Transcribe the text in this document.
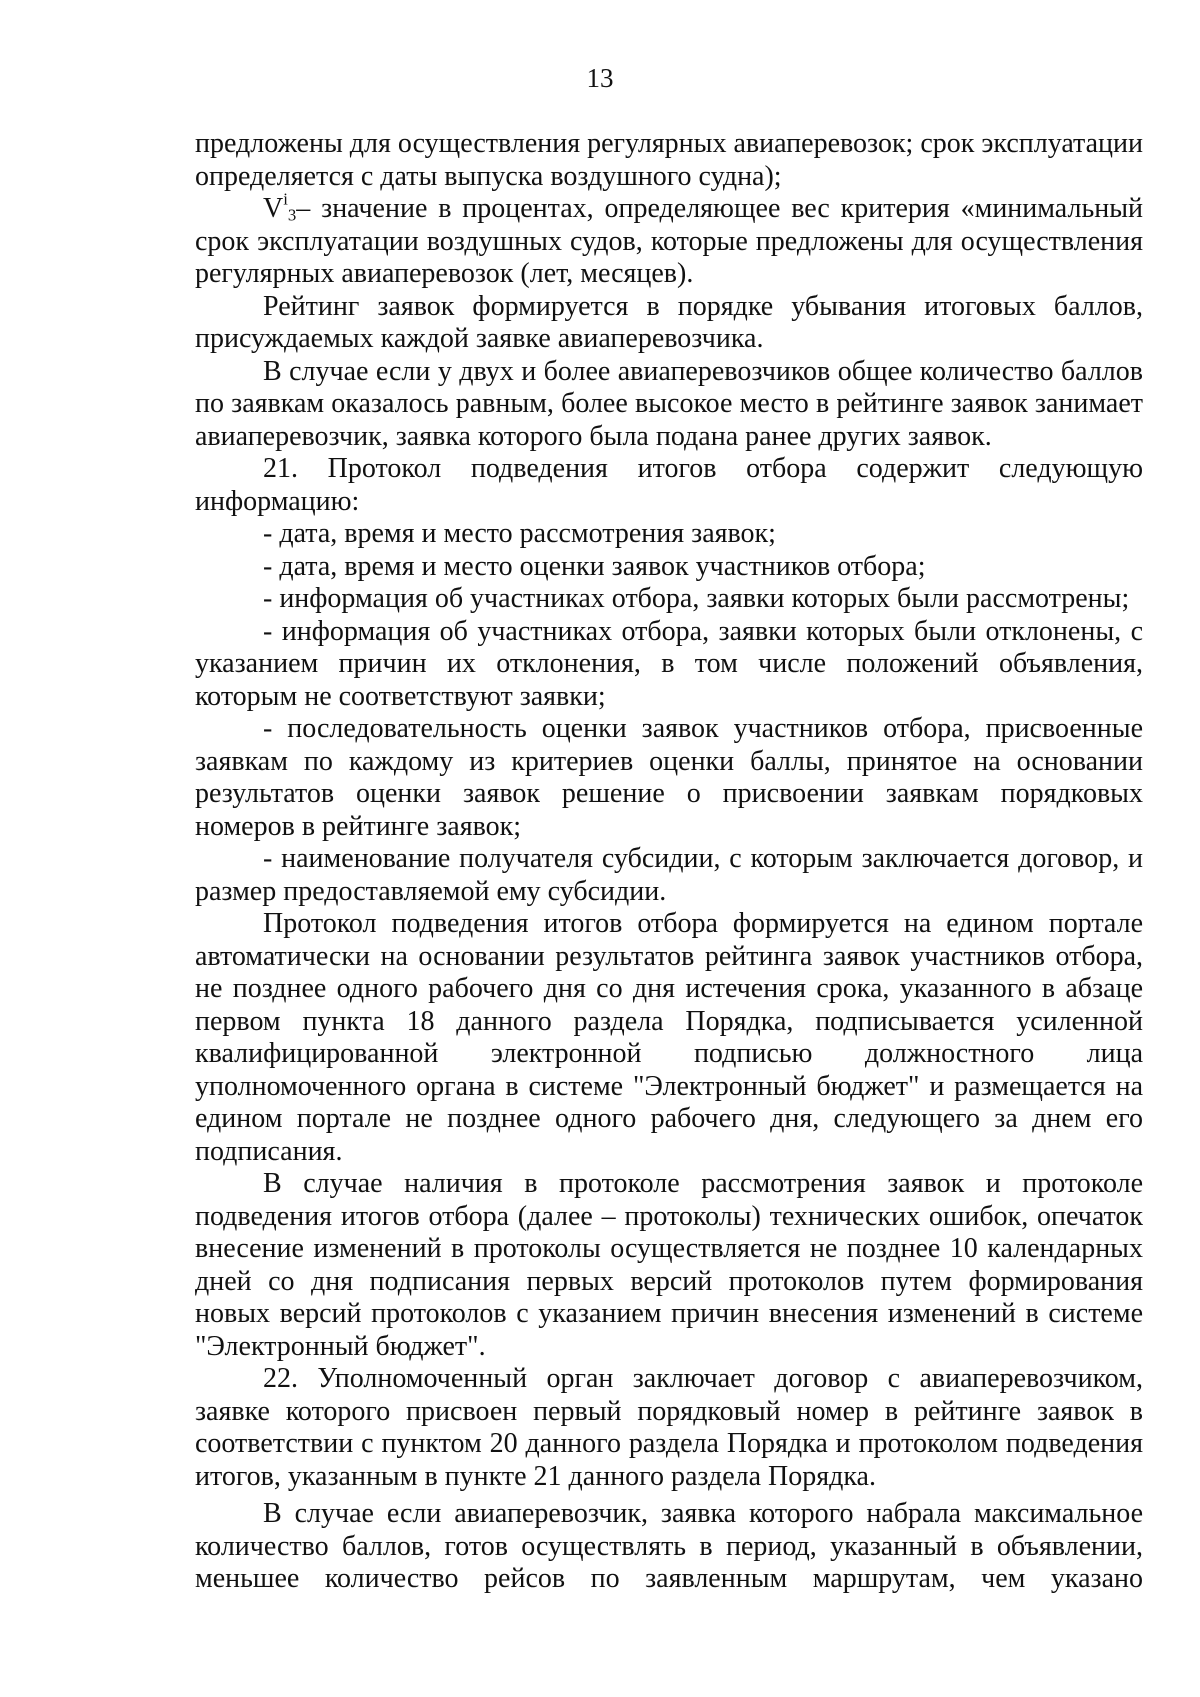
13

предложены для осуществления регулярных авиаперевозок; срок эксплуатации определяется с даты выпуска воздушного судна);

$V^i_3-$ значение в процентах, определяющее вес критерия «минимальный срок эксплуатации воздушных судов, которые предложены для осуществления регулярных авиаперевозок (лет, месяцев).

Рейтинг заявок формируется в порядке убывания итоговых баллов, присуждаемых каждой заявке авиаперевозчика.

В случае если у двух и более авиаперевозчиков общее количество баллов по заявкам оказалось равным, более высокое место в рейтинге заявок занимает авиаперевозчик, заявка которого была подана ранее других заявок.

21. Протокол подведения итогов отбора содержит следующую информацию:

- дата, время и место рассмотрения заявок;

- дата, время и место оценки заявок участников отбора;

- информация об участниках отбора, заявки которых были рассмотрены;

- информация об участниках отбора, заявки которых были отклонены, с указанием причин их отклонения, в том числе положений объявления, которым не соответствуют заявки;

- последовательность оценки заявок участников отбора, присвоенные заявкам по каждому из критериев оценки баллы, принятое на основании результатов оценки заявок решение о присвоении заявкам порядковых номеров в рейтинге заявок;

- наименование получателя субсидии, с которым заключается договор, и размер предоставляемой ему субсидии.

Протокол подведения итогов отбора формируется на едином портале автоматически на основании результатов рейтинга заявок участников отбора, не позднее одного рабочего дня со дня истечения срока, указанного в абзаце первом пункта 18 данного раздела Порядка, подписывается усиленной квалифицированной электронной подписью должностного лица уполномоченного органа в системе "Электронный бюджет" и размещается на едином портале не позднее одного рабочего дня, следующего за днем его подписания.

В случае наличия в протоколе рассмотрения заявок и протоколе подведения итогов отбора (далее – протоколы) технических ошибок, опечаток внесение изменений в протоколы осуществляется не позднее 10 календарных дней со дня подписания первых версий протоколов путем формирования новых версий протоколов с указанием причин внесения изменений в системе "Электронный бюджет".

22. Уполномоченный орган заключает договор с авиаперевозчиком, заявке которого присвоен первый порядковый номер в рейтинге заявок в соответствии с пунктом 20 данного раздела Порядка и протоколом подведения итогов, указанным в пункте 21 данного раздела Порядка.

В случае если авиаперевозчик, заявка которого набрала максимальное количество баллов, готов осуществлять в период, указанный в объявлении, меньшее количество рейсов по заявленным маршрутам, чем указано
